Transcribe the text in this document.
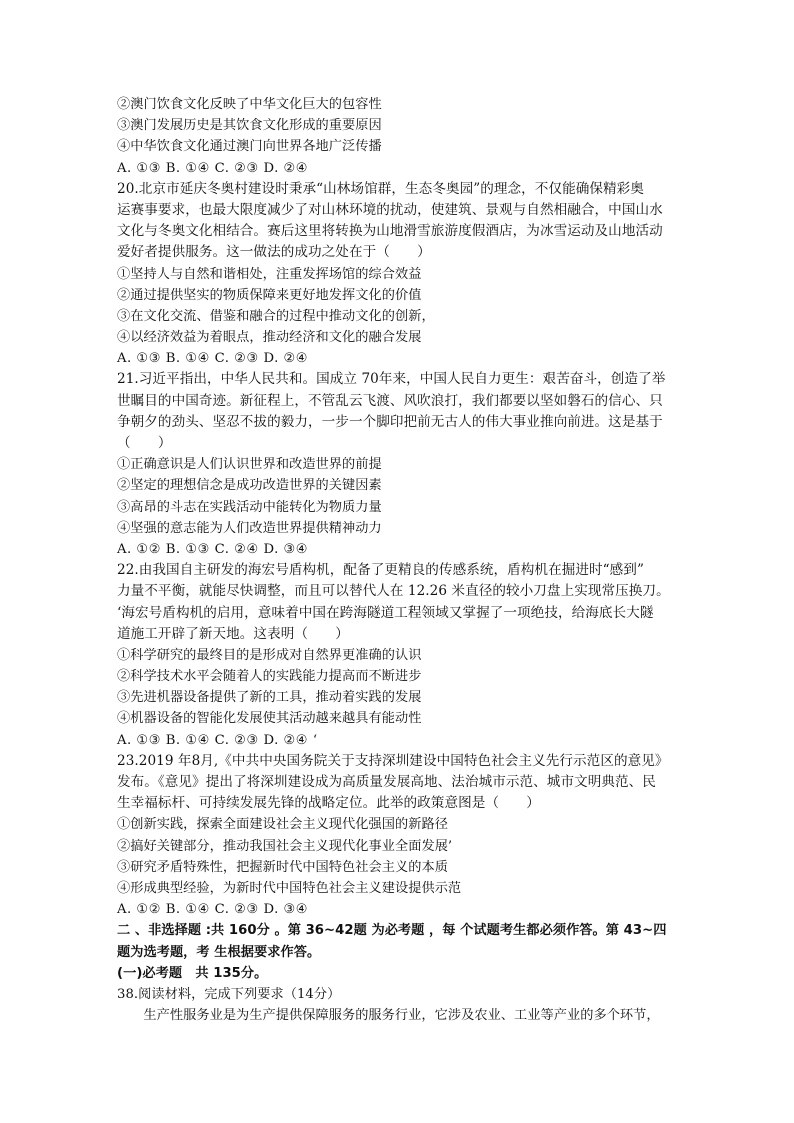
②澳门饮食文化反映了中华文化巨大的包容性
③澳门发展历史是其饮食文化形成的重要原因
④中华饮食文化通过澳门向世界各地广泛传播
A. ①③ B. ①④ C. ②③ D. ②④
20.北京市延庆冬奥村建设时秉承“山林场馆群，生态冬奥园”的理念，不仅能确保精彩奥
运赛事要求，也最大限度减少了对山林环境的扰动，使建筑、景观与自然相融合，中国山水
文化与冬奥文化相结合。赛后这里将转换为山地滑雪旅游度假酒店，为冰雪运动及山地活动
爱好者提供服务。这一做法的成功之处在于（　　）
①坚持人与自然和谐相处，注重发挥场馆的综合效益
②通过提供坚实的物质保障来更好地发挥文化的价值
③在文化交流、借鉴和融合的过程中推动文化的创新，
④以经济效益为着眼点，推动经济和文化的融合发展
A. ①③ B. ①④ C. ②③ D. ②④
21.习近平指出，中华人民共和。国成立 70年来，中国人民自力更生：艰苦奋斗，创造了举
世瞩目的中国奇迹。新征程上，不管乱云飞渡、风吹浪打，我们都要以坚如磐石的信心、只
争朝夕的劲头、坚忍不拔的毅力，一步一个脚印把前无古人的伟大事业推向前进。这是基于
（　　）
①正确意识是人们认识世界和改造世界的前提
②坚定的理想信念是成功改造世界的关键因素
③高昂的斗志在实践活动中能转化为物质力量
④坚强的意志能为人们改造世界提供精神动力
A. ①② B. ①③ C. ②④ D. ③④
22.由我国自主研发的海宏号盾构机，配备了更精良的传感系统，盾构机在掘进时“感到”
力量不平衡，就能尽快调整，而且可以替代人在 12.26 米直径的较小刀盘上实现常压换刀。
‘海宏号盾构机的启用，意味着中国在跨海隧道工程领域又掌握了一项绝技，给海底长大隧
道施工开辟了新天地。这表明（　　）
①科学研究的最终目的是形成对自然界更准确的认识
②科学技术水平会随着人的实践能力提高而不断进步
③先进机器设备提供了新的工具，推动着实践的发展
④机器设备的智能化发展使其活动越来越具有能动性
A. ①③ B. ①④ C. ②③ D. ②④ ‘
23.2019 年8月,《中共中央国务院关于支持深圳建设中国特色社会主义先行示范区的意见》
发布。《意见》提出了将深圳建设成为高质量发展高地、法治城市示范、城市文明典范、民
生幸福标杆、可持续发展先锋的战略定位。此举的政策意图是（　　）
①创新实践，探索全面建设社会主义现代化强国的新路径
②搞好关键部分，推动我国社会主义现代化事业全面发展’
③研究矛盾特殊性，把握新时代中国特色社会主义的本质
④形成典型经验，为新时代中国特色社会主义建设提供示范
A. ①② B. ①④ C. ②③ D. ③④
二 、非选择题 :共 160分 。第 36~42题 为必考题 ，每 个试题考生都必须作答。第 43~四
题为选考题，考 生根据要求作答。
(一)必考题　共 135分。
38.阅读材料，完成下列要求（14分）
生产性服务业是为生产提供保障服务的服务行业，它涉及农业、工业等产业的多个环节，
